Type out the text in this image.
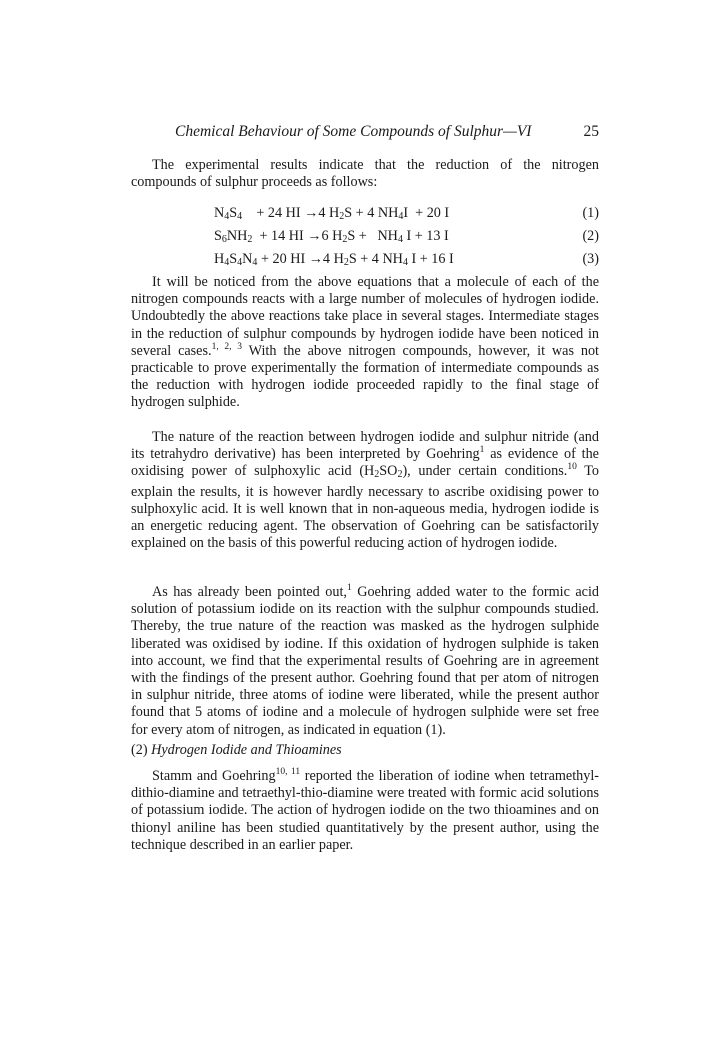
Chemical Behaviour of Some Compounds of Sulphur—VI	25

The experimental results indicate that the reduction of the nitrogen compounds of sulphur proceeds as follows:

$N_4S_4$    + 24 HI →4 $H_2S + 4$ $NH_4I + 20$ I	(1)
$S_6NH_2 + 14$ HI →6 $H_2S + NH_4$ I + 13 I	(2)
$H_4S_4N_4 + 20$ HI →4 $H_2S + 4$ $NH_4$ I + 16 I	(3)

It will be noticed from the above equations that a molecule of each of the nitrogen compounds reacts with a large number of molecules of hydrogen iodide. Undoubtedly the above reactions take place in several stages. Intermediate stages in the reduction of sulphur compounds by hydrogen iodide have been noticed in several cases.$^{1, 2, 3}$ With the above nitrogen compounds, however, it was not practicable to prove experimentally the formation of intermediate compounds as the reduction with hydrogen iodide proceeded rapidly to the final stage of hydrogen sulphide.

The nature of the reaction between hydrogen iodide and sulphur nitride (and its tetrahydro derivative) has been interpreted by Goehring$^1$ as evidence of the oxidising power of sulphoxylic acid $(H_2SO_2)$, under certain conditions.$^{10}$ To explain the results, it is however hardly necessary to ascribe oxidising power to sulphoxylic acid. It is well known that in non-aqueous media, hydrogen iodide is an energetic reducing agent. The observation of Goehring can be satisfactorily explained on the basis of this powerful reducing action of hydrogen iodide.

As has already been pointed out,$^1$ Goehring added water to the formic acid solution of potassium iodide on its reaction with the sulphur compounds studied. Thereby, the true nature of the reaction was masked as the hydrogen sulphide liberated was oxidised by iodine. If this oxidation of hydrogen sulphide is taken into account, we find that the experimental results of Goehring are in agreement with the findings of the present author. Goehring found that per atom of nitrogen in sulphur nitride, three atoms of iodine were liberated, while the present author found that 5 atoms of iodine and a molecule of hydrogen sulphide were set free for every atom of nitrogen, as indicated in equation (1).

(2) Hydrogen Iodide and Thioamines

Stamm and Goehring$^{10, 11}$ reported the liberation of iodine when tetramethyl-dithio-diamine and tetraethyl-thio-diamine were treated with formic acid solutions of potassium iodide. The action of hydrogen iodide on the two thioamines and on thionyl aniline has been studied quantitatively by the present author, using the technique described in an earlier paper.
